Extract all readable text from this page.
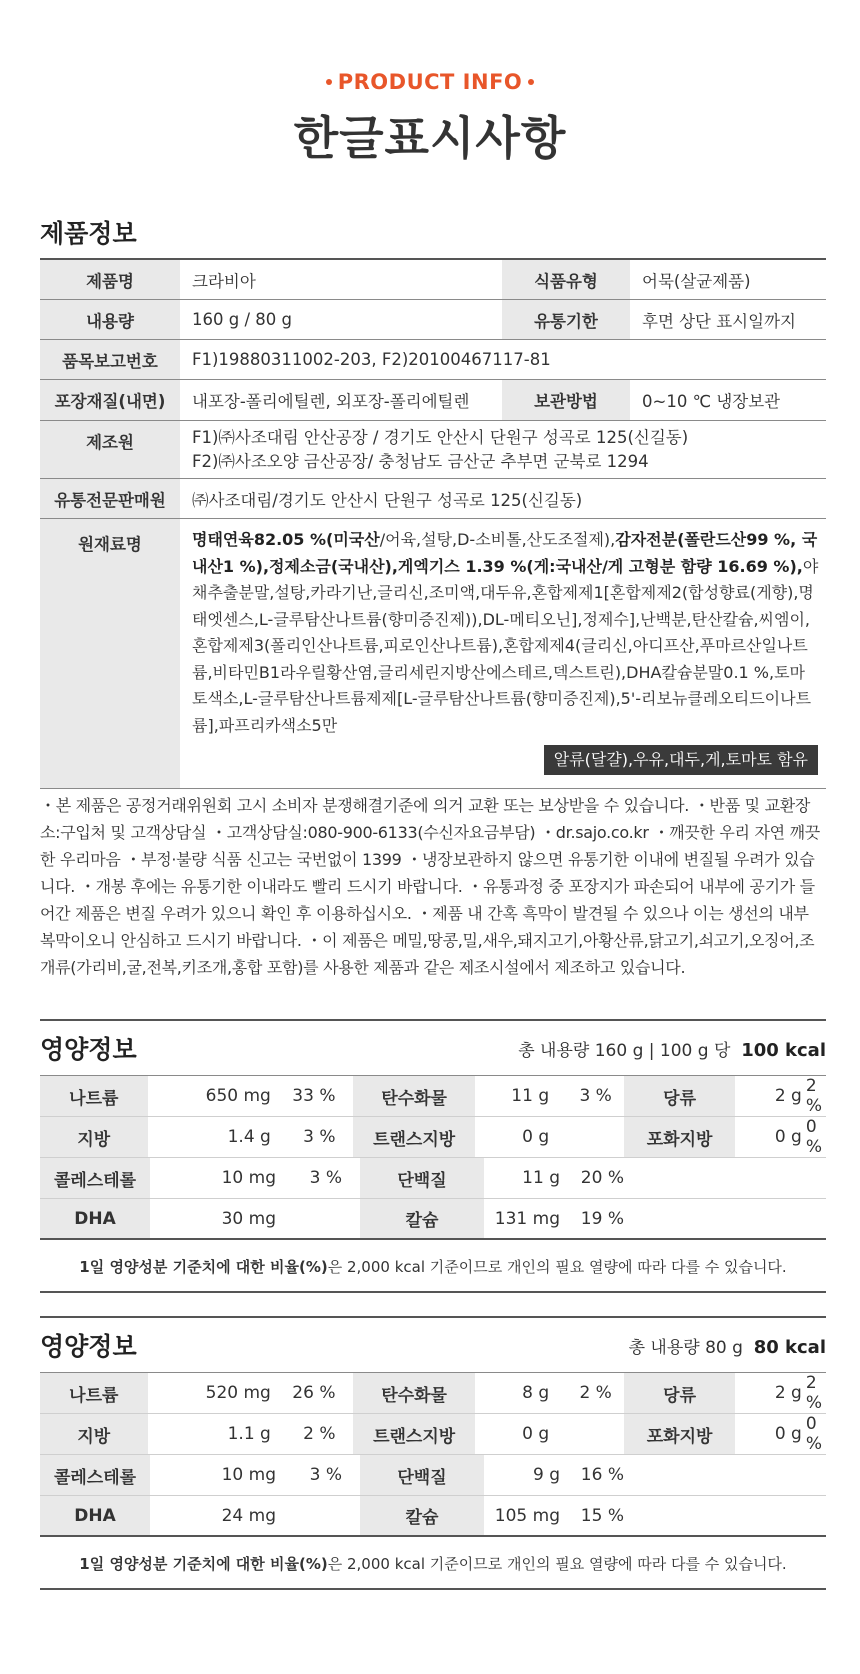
PRODUCT INFO
한글표시사항
제품정보
제품명	크라비아	식품유형	어묵(살균제품)
내용량	160 g / 80 g	유통기한	후면 상단 표시일까지
품목보고번호	F1)19880311002-203, F2)20100467117-81
포장재질(내면)	내포장-폴리에틸렌, 외포장-폴리에틸렌	보관방법	0~10 ℃ 냉장보관
제조원	F1)㈜사조대림 안산공장 / 경기도 안산시 단원구 성곡로 125(신길동)
F2)㈜사조오양 금산공장/ 충청남도 금산군 추부면 군북로 1294
유통전문판매원	㈜사조대림/경기도 안산시 단원구 성곡로 125(신길동)
원재료명	명태연육82.05 %(미국산/어육,설탕,D-소비톨,산도조절제),감자전분(폴란드산99 %, 국내산1 %),정제소금(국내산),게엑기스 1.39 %(게:국내산/게 고형분 함량 16.69 %),야채추출분말,설탕,카라기난,글리신,조미액,대두유,혼합제제1[혼합제제2(합성향료(게향),명태엣센스,L-글루탐산나트륨(향미증진제)),DL-메티오닌],정제수],난백분,탄산칼슘,씨엠이,혼합제제3(폴리인산나트륨,피로인산나트륨),혼합제제4(글리신,아디프산,푸마르산일나트륨,비타민B1라우릴황산염,글리세린지방산에스테르,덱스트린),DHA칼슘분말0.1 %,토마토색소,L-글루탐산나트륨제제[L-글루탐산나트륨(향미증진제),5'-리보뉴클레오티드이나트륨],파프리카색소5만
알류(달걀),우유,대두,게,토마토 함유
・본 제품은 공정거래위원회 고시 소비자 분쟁해결기준에 의거 교환 또는 보상받을 수 있습니다. ・반품 및 교환장소:구입처 및 고객상담실 ・고객상담실:080-900-6133(수신자요금부담) ・dr.sajo.co.kr ・깨끗한 우리 자연 깨끗한 우리마음 ・부정·불량 식품 신고는 국번없이 1399 ・냉장보관하지 않으면 유통기한 이내에 변질될 우려가 있습니다. ・개봉 후에는 유통기한 이내라도 빨리 드시기 바랍니다. ・유통과정 중 포장지가 파손되어 내부에 공기가 들어간 제품은 변질 우려가 있으니 확인 후 이용하십시오. ・제품 내 간혹 흑막이 발견될 수 있으나 이는 생선의 내부 복막이오니 안심하고 드시기 바랍니다. ・이 제품은 메밀,땅콩,밀,새우,돼지고기,아황산류,닭고기,쇠고기,오징어,조개류(가리비,굴,전복,키조개,홍합 포함)를 사용한 제품과 같은 제조시설에서 제조하고 있습니다.
영양정보	총 내용량 160 g | 100 g 당 100 kcal
나트륨	650 mg	33 %	탄수화물	11 g	3 %	당류	2 g 2 %
지방	1.4 g	3 %	트랜스지방	0 g	포화지방	0 g 0 %
콜레스테롤	10 mg	3 %	단백질	11 g	20 %
DHA	30 mg	칼슘	131 mg	19 %
1일 영양성분 기준치에 대한 비율(%) 은 2,000 kcal 기준이므로 개인의 필요 열량에 따라 다를 수 있습니다.
영양정보	총 내용량 80 g 80 kcal
나트륨	520 mg	26 %	탄수화물	8 g	2 %	당류	2 g 2 %
지방	1.1 g	2 %	트랜스지방	0 g	포화지방	0 g 0 %
콜레스테롤	10 mg	3 %	단백질	9 g	16 %
DHA	24 mg	칼슘	105 mg	15 %
1일 영양성분 기준치에 대한 비율(%) 은 2,000 kcal 기준이므로 개인의 필요 열량에 따라 다를 수 있습니다.
